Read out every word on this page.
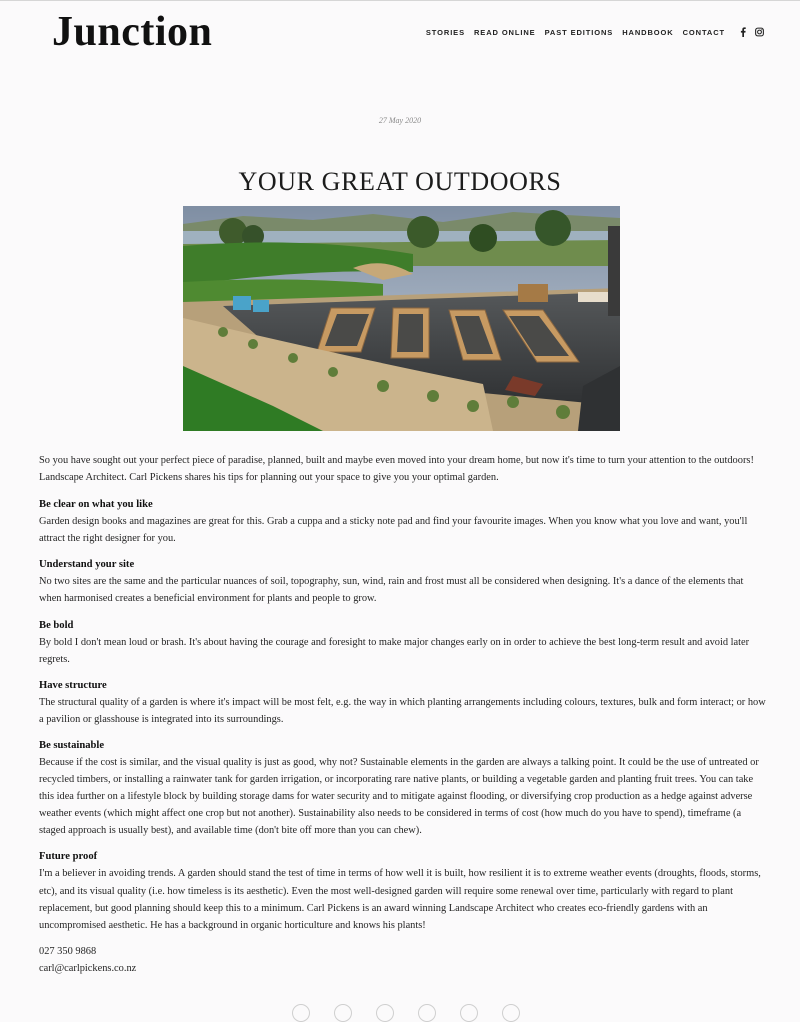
Junction	STORIES READ ONLINE PAST EDITIONS HANDBOOK CONTACT
27 May 2020
YOUR GREAT OUTDOORS

So you have sought out your perfect piece of paradise, planned, built and maybe even moved into your dream home, but now it's time to turn your attention to the outdoors! Landscape Architect. Carl Pickens shares his tips for planning out your space to give you your optimal garden.

Be clear on what you like

Garden design books and magazines are great for this. Grab a cuppa and a sticky note pad and find your favourite images. When you know what you love and want, you'll attract the right designer for you.

Understand your site

No two sites are the same and the particular nuances of soil, topography, sun, wind, rain and frost must all be considered when designing. It's a dance of the elements that when harmonised creates a beneficial environment for plants and people to grow.

Be bold

By bold I don't mean loud or brash. It's about having the courage and foresight to make major changes early on in order to achieve the best long-term result and avoid later regrets.

Have structure

The structural quality of a garden is where it's impact will be most felt, e.g. the way in which planting arrangements including colours, textures, bulk and form interact; or how a pavilion or glasshouse is integrated into its surroundings.

Be sustainable

Because if the cost is similar, and the visual quality is just as good, why not? Sustainable elements in the garden are always a talking point. It could be the use of untreated or recycled timbers, or installing a rainwater tank for garden irrigation, or incorporating rare native plants, or building a vegetable garden and planting fruit trees. You can take this idea further on a lifestyle block by building storage dams for water security and to mitigate against flooding, or diversifying crop production as a hedge against adverse weather events (which might affect one crop but not another). Sustainability also needs to be considered in terms of cost (how much do you have to spend), timeframe (a staged approach is usually best), and available time (don't bite off more than you can chew).

Future proof

I'm a believer in avoiding trends. A garden should stand the test of time in terms of how well it is built, how resilient it is to extreme weather events (droughts, floods, storms, etc), and its visual quality (i.e. how timeless is its aesthetic). Even the most well-designed garden will require some renewal over time, particularly with regard to plant replacement, but good planning should keep this to a minimum. Carl Pickens is an award winning Landscape Architect who creates eco-friendly gardens with an uncompromised aesthetic. He has a background in organic horticulture and knows his plants!

027 350 9868
carl@carlpickens.co.nz
